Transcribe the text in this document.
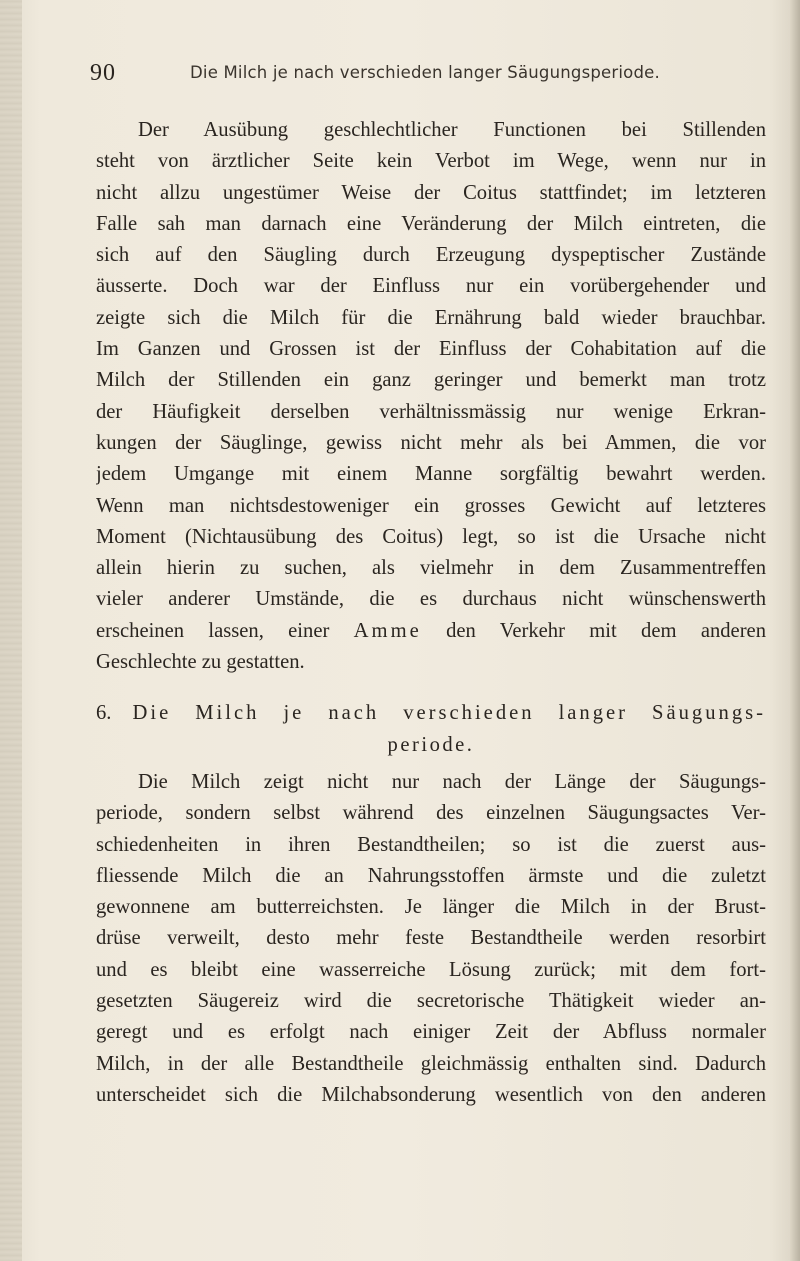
90	Die Milch je nach verschieden langer Säugungsperiode.
Der Ausübung geschlechtlicher Functionen bei Stillenden
steht von ärztlicher Seite kein Verbot im Wege, wenn nur in
nicht allzu ungestümer Weise der Coitus stattfindet; im letzteren
Falle sah man darnach eine Veränderung der Milch eintreten, die
sich auf den Säugling durch Erzeugung dyspeptischer Zustände
äusserte. Doch war der Einfluss nur ein vorübergehender und
zeigte sich die Milch für die Ernährung bald wieder brauchbar.
Im Ganzen und Grossen ist der Einfluss der Cohabitation auf die
Milch der Stillenden ein ganz geringer und bemerkt man trotz
der Häufigkeit derselben verhältnissmässig nur wenige Erkran-
kungen der Säuglinge, gewiss nicht mehr als bei Ammen, die vor
jedem Umgange mit einem Manne sorgfältig bewahrt werden.
Wenn man nichtsdestoweniger ein grosses Gewicht auf letzteres
Moment (Nichtausübung des Coitus) legt, so ist die Ursache nicht
allein hierin zu suchen, als vielmehr in dem Zusammentreffen
vieler anderer Umstände, die es durchaus nicht wünschenswerth
erscheinen lassen, einer Amme den Verkehr mit dem anderen
Geschlechte zu gestatten.
6. Die Milch je nach verschieden langer Säugungs-
periode.
Die Milch zeigt nicht nur nach der Länge der Säugungs-
periode, sondern selbst während des einzelnen Säugungsactes Ver-
schiedenheiten in ihren Bestandtheilen; so ist die zuerst aus-
fliessende Milch die an Nahrungsstoffen ärmste und die zuletzt
gewonnene am butterreichsten. Je länger die Milch in der Brust-
drüse verweilt, desto mehr feste Bestandtheile werden resorbirt
und es bleibt eine wasserreiche Lösung zurück; mit dem fort-
gesetzten Säugereiz wird die secretorische Thätigkeit wieder an-
geregt und es erfolgt nach einiger Zeit der Abfluss normaler
Milch, in der alle Bestandtheile gleichmässig enthalten sind. Dadurch
unterscheidet sich die Milchabsonderung wesentlich von den anderen
